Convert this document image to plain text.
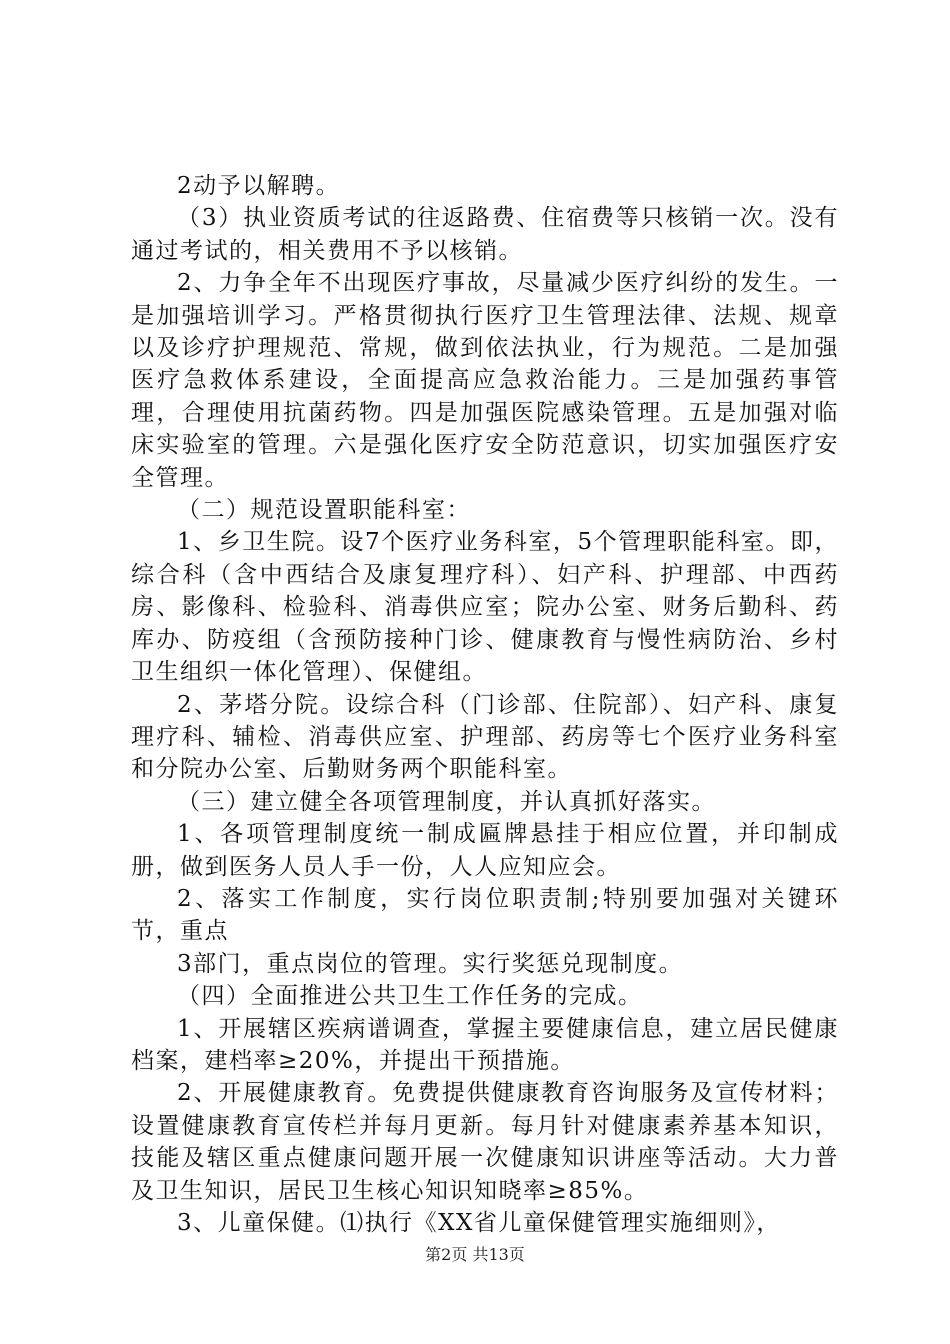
2动予以解聘。

（3）执业资质考试的往返路费、住宿费等只核销一次。没有通过考试的，相关费用不予以核销。

2、力争全年不出现医疗事故，尽量减少医疗纠纷的发生。一是加强培训学习。严格贯彻执行医疗卫生管理法律、法规、规章以及诊疗护理规范、常规，做到依法执业，行为规范。二是加强医疗急救体系建设，全面提高应急救治能力。三是加强药事管理，合理使用抗菌药物。四是加强医院感染管理。五是加强对临床实验室的管理。六是强化医疗安全防范意识，切实加强医疗安全管理。

（二）规范设置职能科室：

1、乡卫生院。设7个医疗业务科室，5个管理职能科室。即，综合科（含中西结合及康复理疗科）、妇产科、护理部、中西药房、影像科、检验科、消毒供应室；院办公室、财务后勤科、药库办、防疫组（含预防接种门诊、健康教育与慢性病防治、乡村卫生组织一体化管理）、保健组。

2、茅塔分院。设综合科（门诊部、住院部）、妇产科、康复理疗科、辅检、消毒供应室、护理部、药房等七个医疗业务科室和分院办公室、后勤财务两个职能科室。

（三）建立健全各项管理制度，并认真抓好落实。

1、各项管理制度统一制成匾牌悬挂于相应位置，并印制成册，做到医务人员人手一份，人人应知应会。

2、落实工作制度，实行岗位职责制;特别要加强对关键环节，重点

3部门，重点岗位的管理。实行奖惩兑现制度。

（四）全面推进公共卫生工作任务的完成。

1、开展辖区疾病谱调查，掌握主要健康信息，建立居民健康档案，建档率≥20%，并提出干预措施。

2、开展健康教育。免费提供健康教育咨询服务及宣传材料；设置健康教育宣传栏并每月更新。每月针对健康素养基本知识，技能及辖区重点健康问题开展一次健康知识讲座等活动。大力普及卫生知识，居民卫生核心知识知晓率≥85%。

3、儿童保健。⑴执行《XX省儿童保健管理实施细则》，

第2页 共13页
